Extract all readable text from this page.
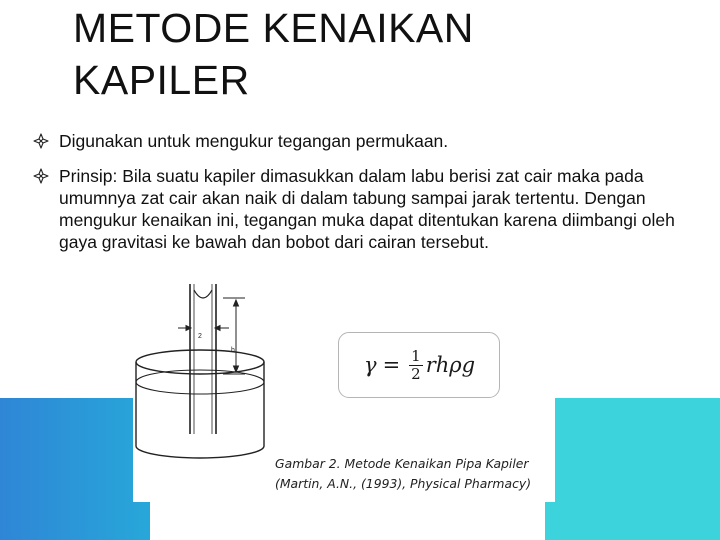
METODE KENAIKAN
KAPILER
Digunakan untuk mengukur tegangan permukaan.
Prinsip: Bila suatu kapiler dimasukkan dalam labu berisi zat cair maka pada umumnya zat cair akan naik di dalam tabung sampai jarak tertentu. Dengan mengukur kenaikan ini, tegangan muka dapat ditentukan karena diimbangi oleh gaya gravitasi ke bawah dan bobot dari cairan tersebut.
2
h
$\gamma = \frac{1}{2}$ rhρg
Gambar 2. Metode Kenaikan Pipa Kapiler
(Martin, A.N., (1993), Physical Pharmacy)
